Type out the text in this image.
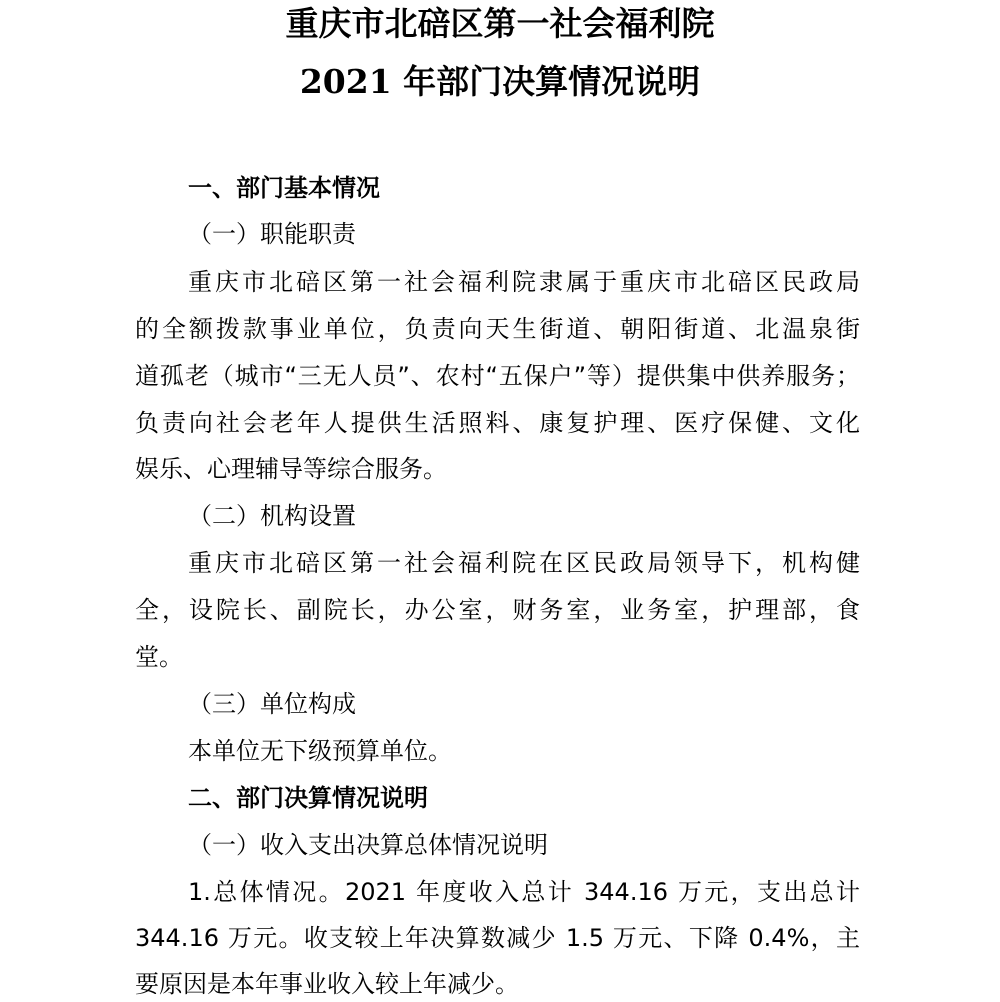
重庆市北碚区第一社会福利院
2021 年部门决算情况说明
一、部门基本情况
（一）职能职责
重庆市北碚区第一社会福利院隶属于重庆市北碚区民政局
的全额拨款事业单位，负责向天生街道、朝阳街道、北温泉街
道孤老（城市“三无人员”、农村“五保户”等）提供集中供养服务；
负责向社会老年人提供生活照料、康复护理、医疗保健、文化
娱乐、心理辅导等综合服务。
（二）机构设置
重庆市北碚区第一社会福利院在区民政局领导下，机构健
全，设院长、副院长，办公室，财务室，业务室，护理部，食
堂。
（三）单位构成
本单位无下级预算单位。
二、部门决算情况说明
（一）收入支出决算总体情况说明
1.总体情况。2021 年度收入总计 344.16 万元，支出总计
344.16 万元。收支较上年决算数减少 1.5 万元、下降 0.4%，主
要原因是本年事业收入较上年减少。
